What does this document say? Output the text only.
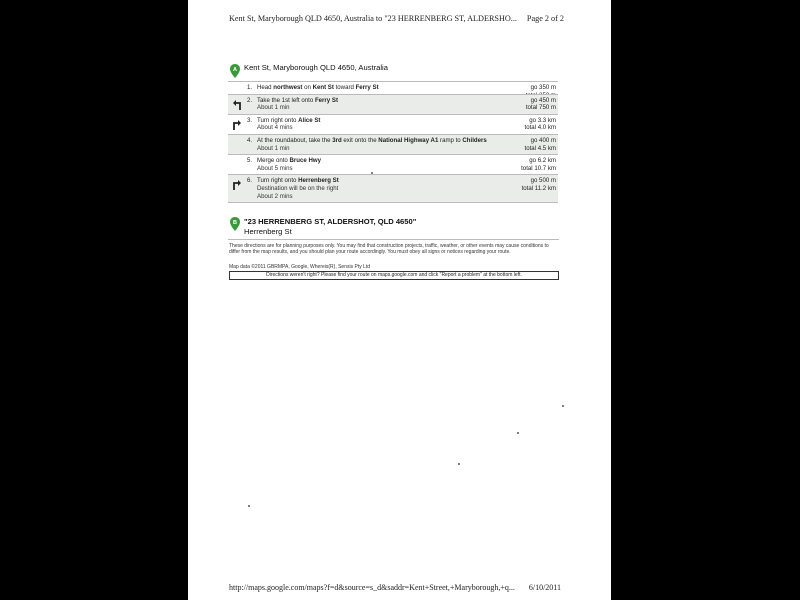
Kent St, Maryborough QLD 4650, Australia to "23 HERRENBERG ST, ALDERSHO... Page 2 of 2
A Kent St, Maryborough QLD 4650, Australia
1. Head northwest on Kent St toward Ferry St	go 350 m
2. Take the 1st left onto Ferry St
About 1 min
go 450 m
total 750 m
3. Turn right onto Alice St
About 4 mins
go 3.3 km
total 4.0 km
4. At the roundabout, take the 3rd exit onto the National Highway A1 ramp to Childers
About 1 min
go 400 m
total 4.5 km
5. Merge onto Bruce Hwy
About 5 mins
go 6.2 km
total 10.7 km
6. Turn right onto Herrenberg St
Destination will be on the right
About 2 mins
go 500 m
total 11.2 km
B "23 HERRENBERG ST, ALDERSHOT, QLD 4650"
Herrenberg St
These directions are for planning purposes only. You may find that construction projects, traffic, weather, or other events may cause conditions to differ from the map results, and you should plan your route accordingly. You must obey all signs or notices regarding your route.
Map data ©2011 GBRMPA, Google, Whereis(R), Sensis Pty Ltd
Directions weren't right? Please find your route on maps.google.com and click "Report a problem" at the bottom left.
http://maps.google.com/maps?f=d&source=s_d&saddr=Kent+Street,+Maryborough,+q... 6/10/2011
